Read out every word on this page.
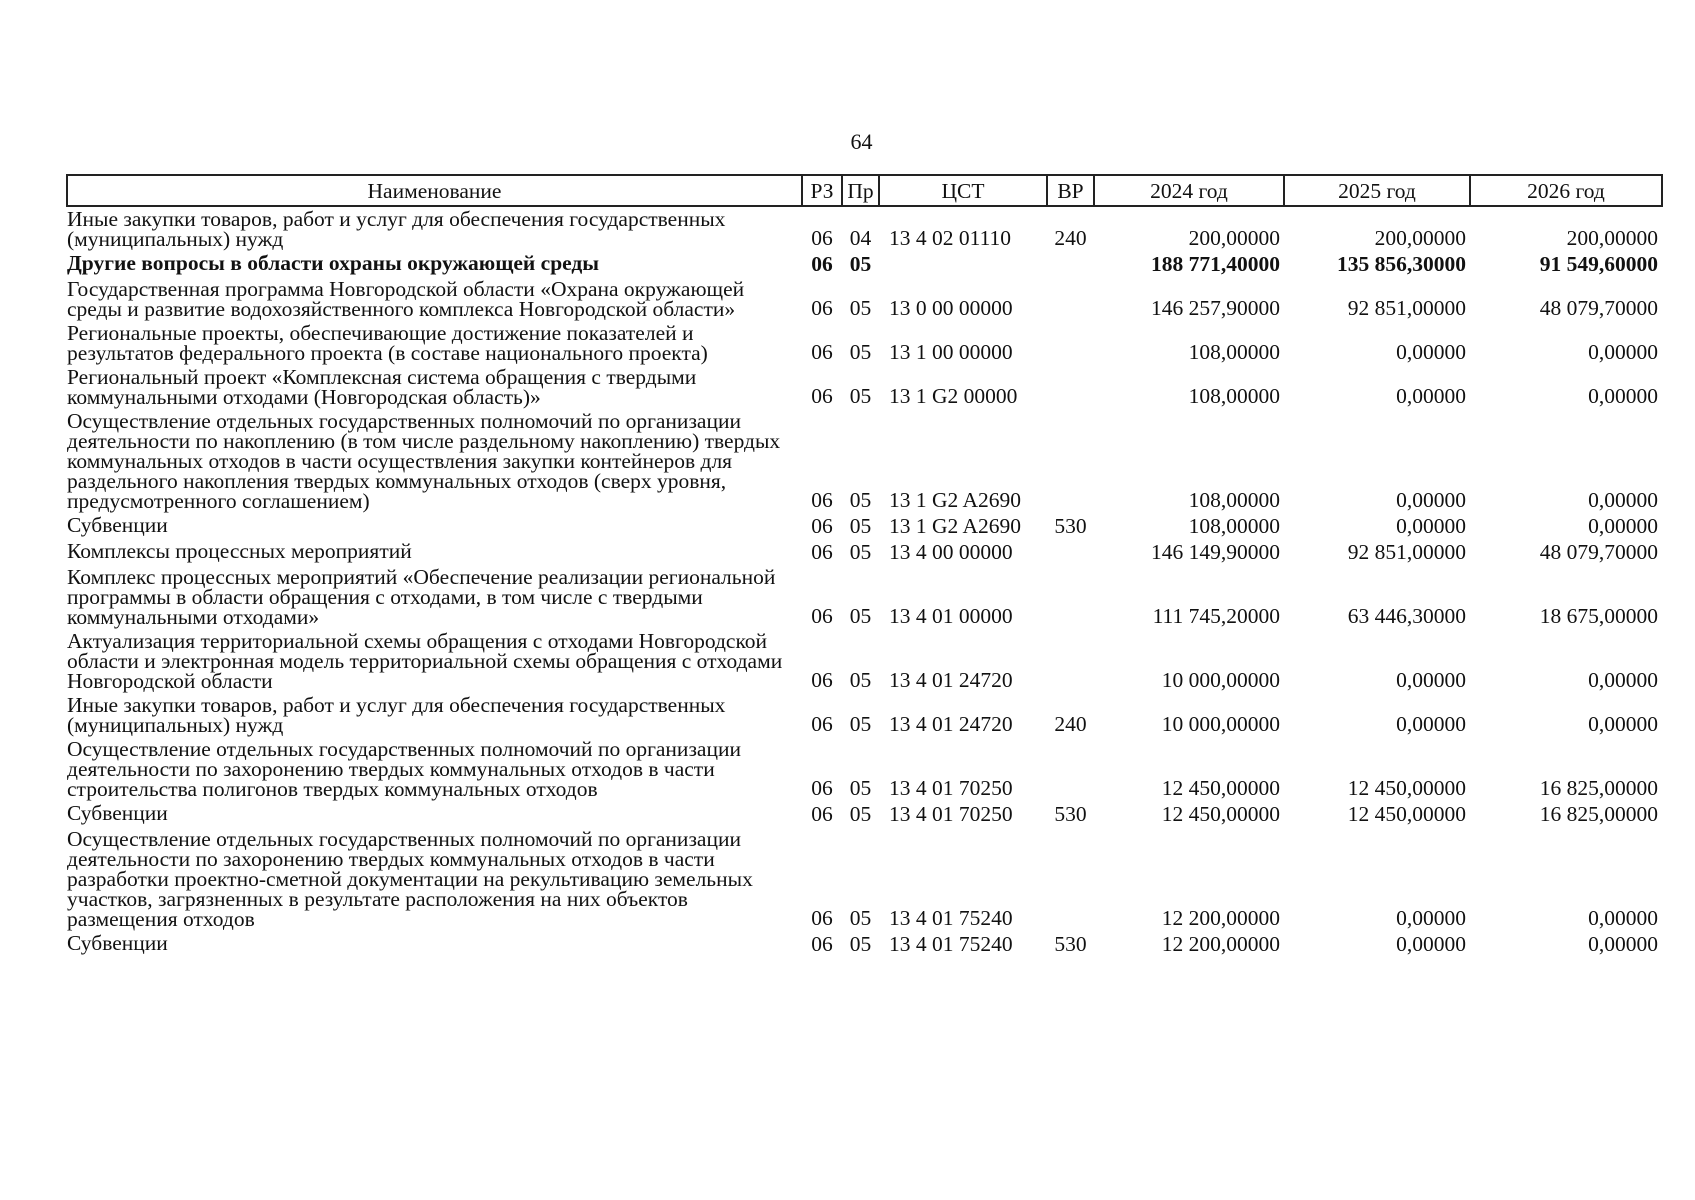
64
Наименование	РЗ	Пр	ЦСТ	ВР	2024 год	2025 год	2026 год
Иные закупки товаров, работ и услуг для обеспечения государственных (муниципальных) нужд	06	04	13 4 02 01110	240	200,00000	200,00000	200,00000
Другие вопросы в области охраны окружающей среды	06	05			188 771,40000	135 856,30000	91 549,60000
Государственная программа Новгородской области «Охрана окружающей среды и развитие водохозяйственного комплекса Новгородской области»	06	05	13 0 00 00000		146 257,90000	92 851,00000	48 079,70000
Региональные проекты, обеспечивающие достижение показателей и результатов федерального проекта (в составе национального проекта)	06	05	13 1 00 00000		108,00000	0,00000	0,00000
Региональный проект «Комплексная система обращения с твердыми коммунальными отходами (Новгородская область)»	06	05	13 1 G2 00000		108,00000	0,00000	0,00000
Осуществление отдельных государственных полномочий по организации деятельности по накоплению (в том числе раздельному накоплению) твердых коммунальных отходов в части осуществления закупки контейнеров для раздельного накопления твердых коммунальных отходов (сверх уровня, предусмотренного соглашением)	06	05	13 1 G2 A2690		108,00000	0,00000	0,00000
Субвенции	06	05	13 1 G2 A2690	530	108,00000	0,00000	0,00000
Комплексы процессных мероприятий	06	05	13 4 00 00000		146 149,90000	92 851,00000	48 079,70000
Комплекс процессных мероприятий «Обеспечение реализации региональной программы в области обращения с отходами, в том числе с твердыми коммунальными отходами»	06	05	13 4 01 00000		111 745,20000	63 446,30000	18 675,00000
Актуализация территориальной схемы обращения с отходами Новгородской области и электронная модель территориальной схемы обращения с отходами Новгородской области	06	05	13 4 01 24720		10 000,00000	0,00000	0,00000
Иные закупки товаров, работ и услуг для обеспечения государственных (муниципальных) нужд	06	05	13 4 01 24720	240	10 000,00000	0,00000	0,00000
Осуществление отдельных государственных полномочий по организации деятельности по захоронению твердых коммунальных отходов в части строительства полигонов твердых коммунальных отходов	06	05	13 4 01 70250		12 450,00000	12 450,00000	16 825,00000
Субвенции	06	05	13 4 01 70250	530	12 450,00000	12 450,00000	16 825,00000
Осуществление отдельных государственных полномочий по организации деятельности по захоронению твердых коммунальных отходов в части разработки проектно-сметной документации на рекультивацию земельных участков, загрязненных в результате расположения на них объектов размещения отходов	06	05	13 4 01 75240		12 200,00000	0,00000	0,00000
Субвенции	06	05	13 4 01 75240	530	12 200,00000	0,00000	0,00000
